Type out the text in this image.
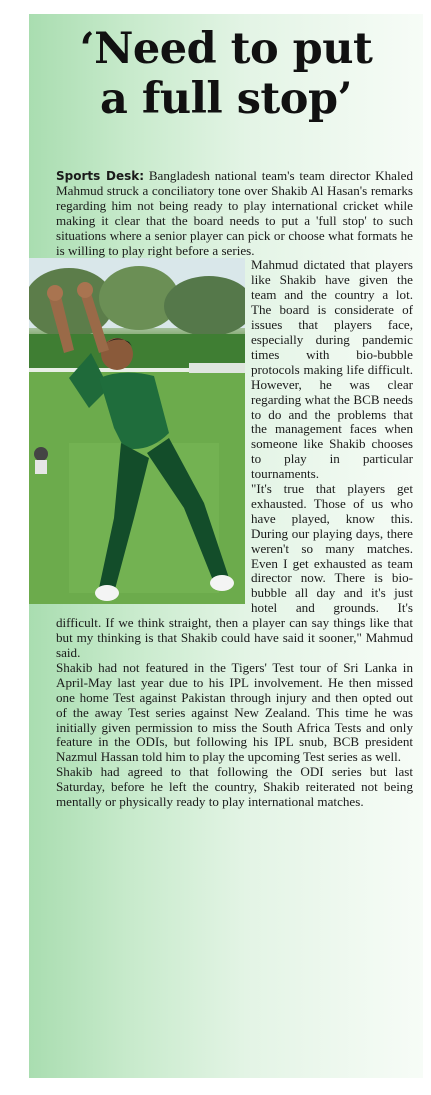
‘Need to put
a full stop’

Sports Desk: Bangladesh national team's team director Khaled Mahmud struck a conciliatory tone over Shakib Al Hasan's remarks regarding him not being ready to play international cricket while making it clear that the board needs to put a 'full stop' to such situations where a senior player can pick or choose what formats he is willing to play right before a series.

Mahmud dictated that players like Shakib have given the team and the country a lot. The board is considerate of issues that players face, especially during pandemic times with bio-bubble protocols making life difficult. However, he was clear regarding what the BCB needs to do and the problems that the management faces when someone like Shakib chooses to play in particular tournaments.

"It's true that players get exhausted. Those of us who have played, know this. During our playing days, there weren't so many matches. Even I get exhausted as team director now. There is bio-bubble all day and it's just hotel and grounds. It's difficult. If we think straight, then a player can say things like that but my thinking is that Shakib could have said it sooner," Mahmud said.

Shakib had not featured in the Tigers' Test tour of Sri Lanka in April-May last year due to his IPL involvement. He then missed one home Test against Pakistan through injury and then opted out of the away Test series against New Zealand. This time he was initially given permission to miss the South Africa Tests and only feature in the ODIs, but following his IPL snub, BCB president Nazmul Hassan told him to play the upcoming Test series as well.

Shakib had agreed to that following the ODI series but last Saturday, before he left the country, Shakib reiterated not being mentally or physically ready to play international matches.
